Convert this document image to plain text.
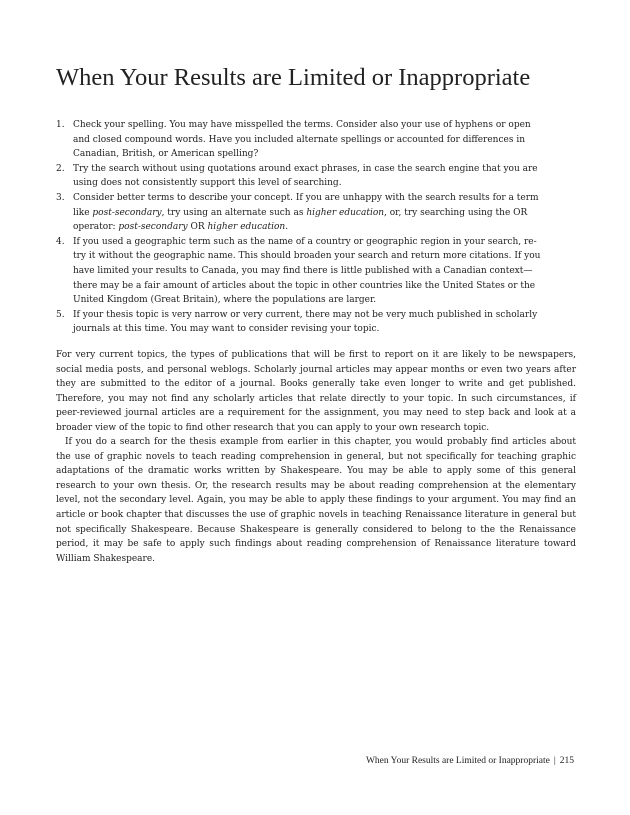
When Your Results are Limited or Inappropriate
1. Check your spelling. You may have misspelled the terms. Consider also your use of hyphens or open and closed compound words. Have you included alternate spellings or accounted for differences in Canadian, British, or American spelling?
2. Try the search without using quotations around exact phrases, in case the search engine that you are using does not consistently support this level of searching.
3. Consider better terms to describe your concept. If you are unhappy with the search results for a term like post-secondary, try using an alternate such as higher education, or, try searching using the OR operator: post-secondary OR higher education.
4. If you used a geographic term such as the name of a country or geographic region in your search, re-try it without the geographic name. This should broaden your search and return more citations. If you have limited your results to Canada, you may find there is little published with a Canadian context—there may be a fair amount of articles about the topic in other countries like the United States or the United Kingdom (Great Britain), where the populations are larger.
5. If your thesis topic is very narrow or very current, there may not be very much published in scholarly journals at this time. You may want to consider revising your topic.

For very current topics, the types of publications that will be first to report on it are likely to be newspapers, social media posts, and personal weblogs. Scholarly journal articles may appear months or even two years after they are submitted to the editor of a journal. Books generally take even longer to write and get published. Therefore, you may not find any scholarly articles that relate directly to your topic. In such circumstances, if peer-reviewed journal articles are a requirement for the assignment, you may need to step back and look at a broader view of the topic to find other research that you can apply to your own research topic.

If you do a search for the thesis example from earlier in this chapter, you would probably find articles about the use of graphic novels to teach reading comprehension in general, but not specifically for teaching graphic adaptations of the dramatic works written by Shakespeare. You may be able to apply some of this general research to your own thesis. Or, the research results may be about reading comprehension at the elementary level, not the secondary level. Again, you may be able to apply these findings to your argument. You may find an article or book chapter that discusses the use of graphic novels in teaching Renaissance literature in general but not specifically Shakespeare. Because Shakespeare is generally considered to belong to the the Renaissance period, it may be safe to apply such findings about reading comprehension of Renaissance literature toward William Shakespeare.

When Your Results are Limited or Inappropriate | 215
